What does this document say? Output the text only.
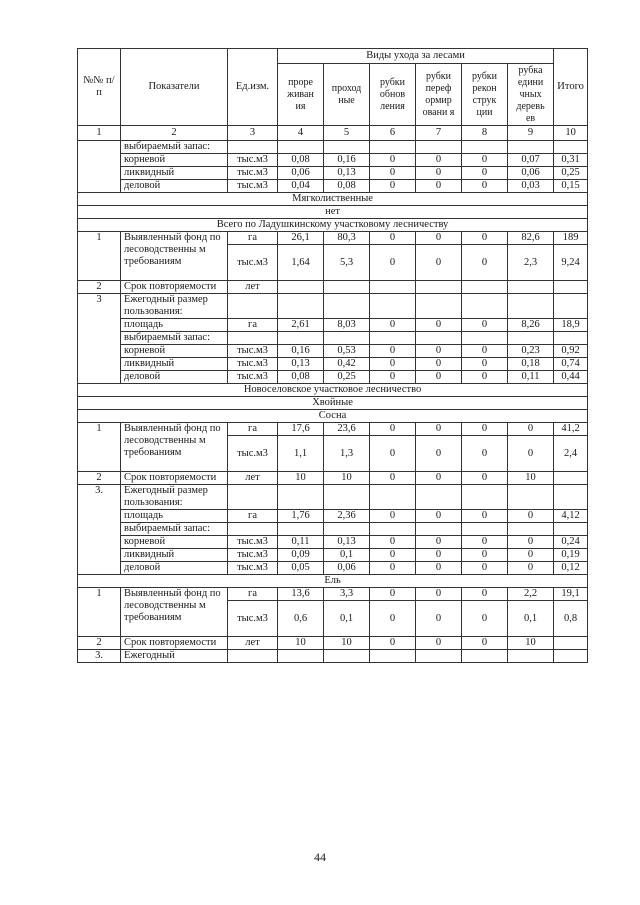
№№ п/п	Показатели	Ед.изм.	Виды ухода за лесами						Итого
			проре живан ия	проход ные	рубки обнов ления	рубки переф ормир овани я	рубки рекон струк ции	рубка едини чных деревь ев	
1	2	3	4	5	6	7	8	9	10
	выбираемый запас:								
	корневой	тыс.м3	0,08	0,16	0	0	0	0,07	0,31
	ликвидный	тыс.м3	0,06	0,13	0	0	0	0,06	0,25
	деловой	тыс.м3	0,04	0,08	0	0	0	0,03	0,15
Мягколиственные									
нет									
Всего по Ладушкинскому участковому лесничеству									
1	Выявленный фонд по лесоводственны м требованиям	га	26,1	80,3	0	0	0	82,6	189
		тыс.м3	1,64	5,3	0	0	0	2,3	9,24
2	Срок повторяемости	лет							
3	Ежегодный размер пользования:								
	площадь	га	2,61	8,03	0	0	0	8,26	18,9
	выбираемый запас:								
	корневой	тыс.м3	0,16	0,53	0	0	0	0,23	0,92
	ликвидный	тыс.м3	0,13	0,42	0	0	0	0,18	0,74
	деловой	тыс.м3	0,08	0,25	0	0	0	0,11	0,44
Новоселовское участковое лесничество									
Хвойные									
Сосна									
1	Выявленный фонд по лесоводственны м требованиям	га	17,6	23,6	0	0	0	0	41,2
		тыс.м3	1,1	1,3	0	0	0	0	2,4
2	Срок повторяемости	лет	10	10	0	0	0	10	
3.	Ежегодный размер пользования:								
	площадь	га	1,76	2,36	0	0	0	0	4,12
	выбираемый запас:								
	корневой	тыс.м3	0,11	0,13	0	0	0	0	0,24
	ликвидный	тыс.м3	0,09	0,1	0	0	0	0	0,19
	деловой	тыс.м3	0,05	0,06	0	0	0	0	0,12
Ель									
1	Выявленный фонд по лесоводственны м требованиям	га	13,6	3,3	0	0	0	2,2	19,1
		тыс.м3	0,6	0,1	0	0	0	0,1	0,8
2	Срок повторяемости	лет	10	10	0	0	0	10	
3.	Ежегодный								
44
